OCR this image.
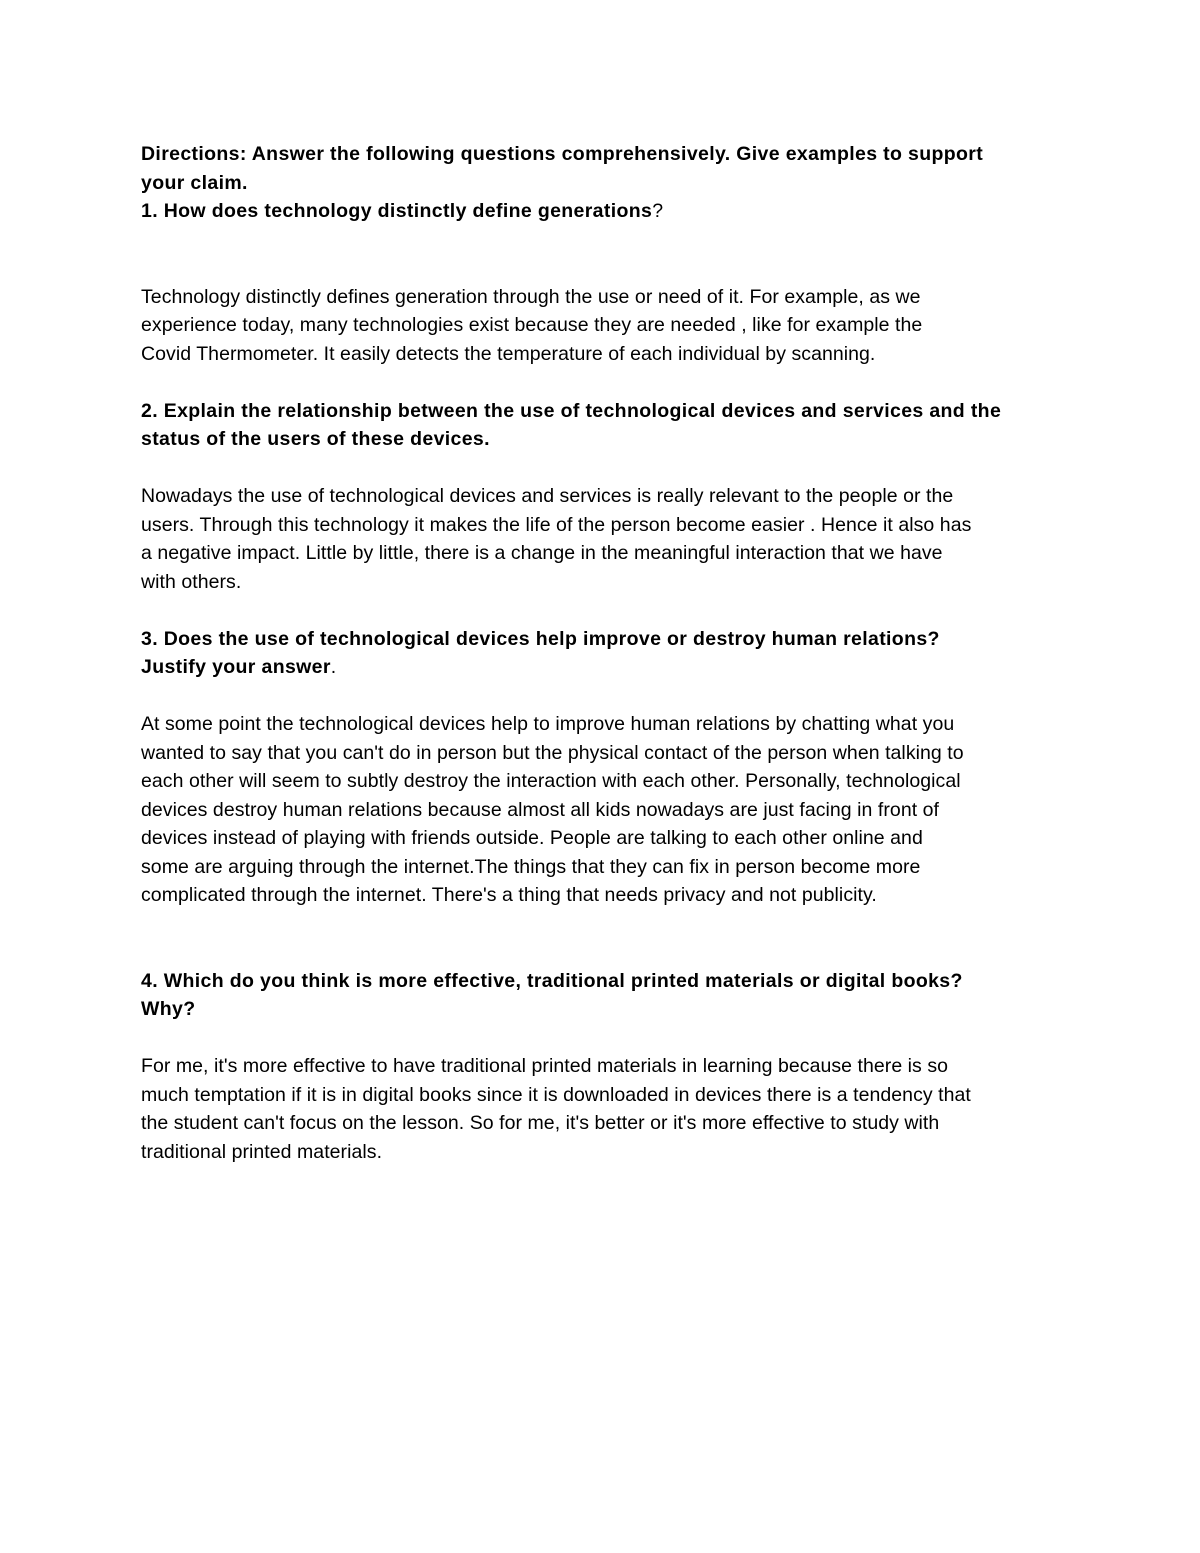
Directions: Answer the following questions comprehensively. Give examples to support
your claim.
1. How does technology distinctly define generations?
Technology distinctly defines generation through the use or need of it. For example, as we
experience today, many technologies exist because they are needed , like for example the
Covid Thermometer. It easily detects the temperature of each individual by scanning.
2. Explain the relationship between the use of technological devices and services and the
status of the users of these devices.
Nowadays the use of technological devices and services is really relevant to the people or the
users. Through this technology it makes the life of the person become easier . Hence it also has
a negative impact. Little by little, there is a change in the meaningful interaction that we have
with others.
3. Does the use of technological devices help improve or destroy human relations?
Justify your answer.
At some point the technological devices help to improve human relations by chatting what you
wanted to say that you can't do in person but the physical contact of the person when talking to
each other will seem to subtly destroy the interaction with each other. Personally, technological
devices destroy human relations because almost all kids nowadays are just facing in front of
devices instead of playing with friends outside. People are talking to each other online and
some are arguing through the internet.The things that they can fix in person become more
complicated through the internet. There's a thing that needs privacy and not publicity.
4. Which do you think is more effective, traditional printed materials or digital books?
Why?
For me, it's more effective to have traditional printed materials in learning because there is so
much temptation if it is in digital books since it is downloaded in devices there is a tendency that
the student can't focus on the lesson. So for me, it's better or it's more effective to study with
traditional printed materials.
